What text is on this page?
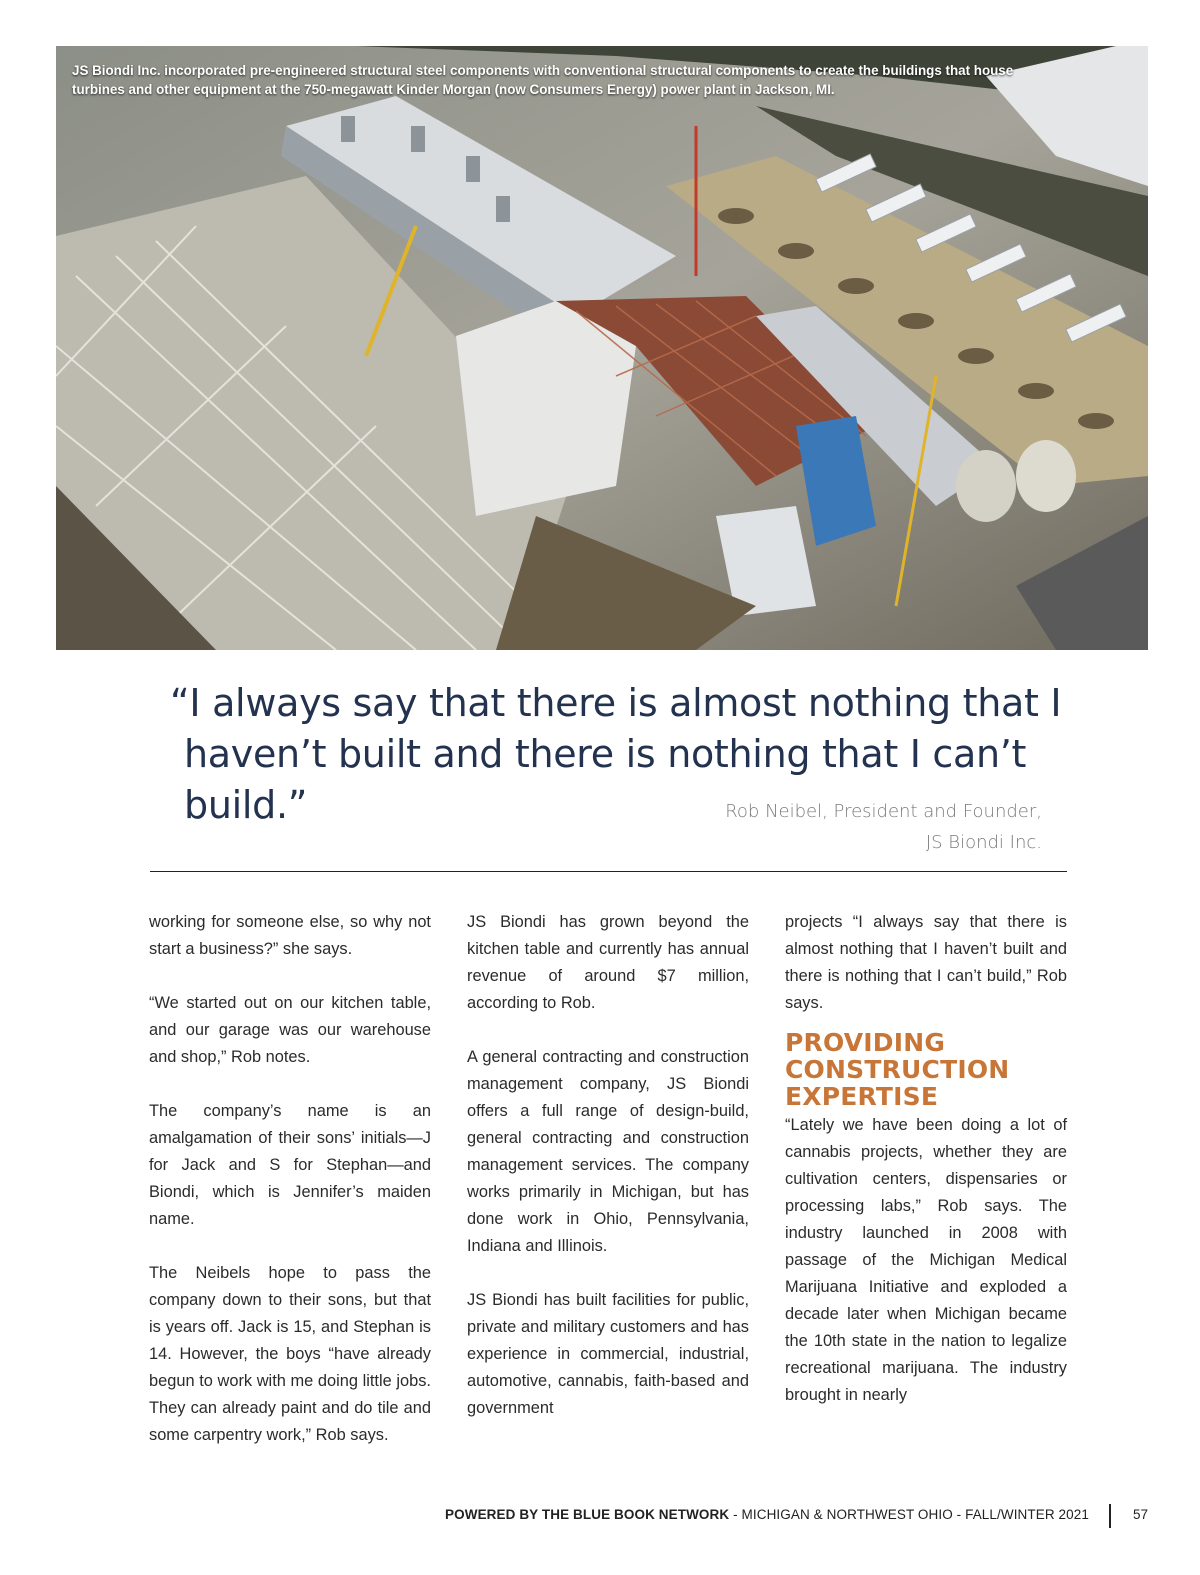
JS Biondi Inc. incorporated pre-engineered structural steel components with conventional structural components to create the buildings that house turbines and other equipment at the 750-megawatt Kinder Morgan (now Consumers Energy) power plant in Jackson, MI.
“I always say that there is almost nothing that I
haven’t built and there is nothing that I can’t build.”	Rob Neibel, President and Founder,
JS Biondi Inc.

working for someone else, so why not start a business?” she says.

“We started out on our kitchen table, and our garage was our warehouse and shop,” Rob notes.

The company’s name is an amalgamation of their sons’ initials—J for Jack and S for Stephan—and Biondi, which is Jennifer’s maiden name.

The Neibels hope to pass the company down to their sons, but that is years off. Jack is 15, and Stephan is 14. However, the boys “have already begun to work with me doing little jobs. They can already paint and do tile and some carpentry work,” Rob says.

JS Biondi has grown beyond the kitchen table and currently has annual revenue of around $7 million, according to Rob.

A general contracting and construction management company, JS Biondi offers a full range of design-build, general contracting and construction management services. The company works primarily in Michigan, but has done work in Ohio, Pennsylvania, Indiana and Illinois.

JS Biondi has built facilities for public, private and military customers and has experience in commercial, industrial, automotive, cannabis, faith-based and government

projects “I always say that there is almost nothing that I haven’t built and there is nothing that I can’t build,” Rob says.

PROVIDING
CONSTRUCTION
EXPERTISE

“Lately we have been doing a lot of cannabis projects, whether they are cultivation centers, dispensaries or processing labs,” Rob says. The industry launched in 2008 with passage of the Michigan Medical Marijuana Initiative and exploded a decade later when Michigan became the 10th state in the nation to legalize recreational marijuana. The industry brought in nearly

POWERED BY THE BLUE BOOK NETWORK - MICHIGAN & NORTHWEST OHIO - FALL/WINTER 2021	57
